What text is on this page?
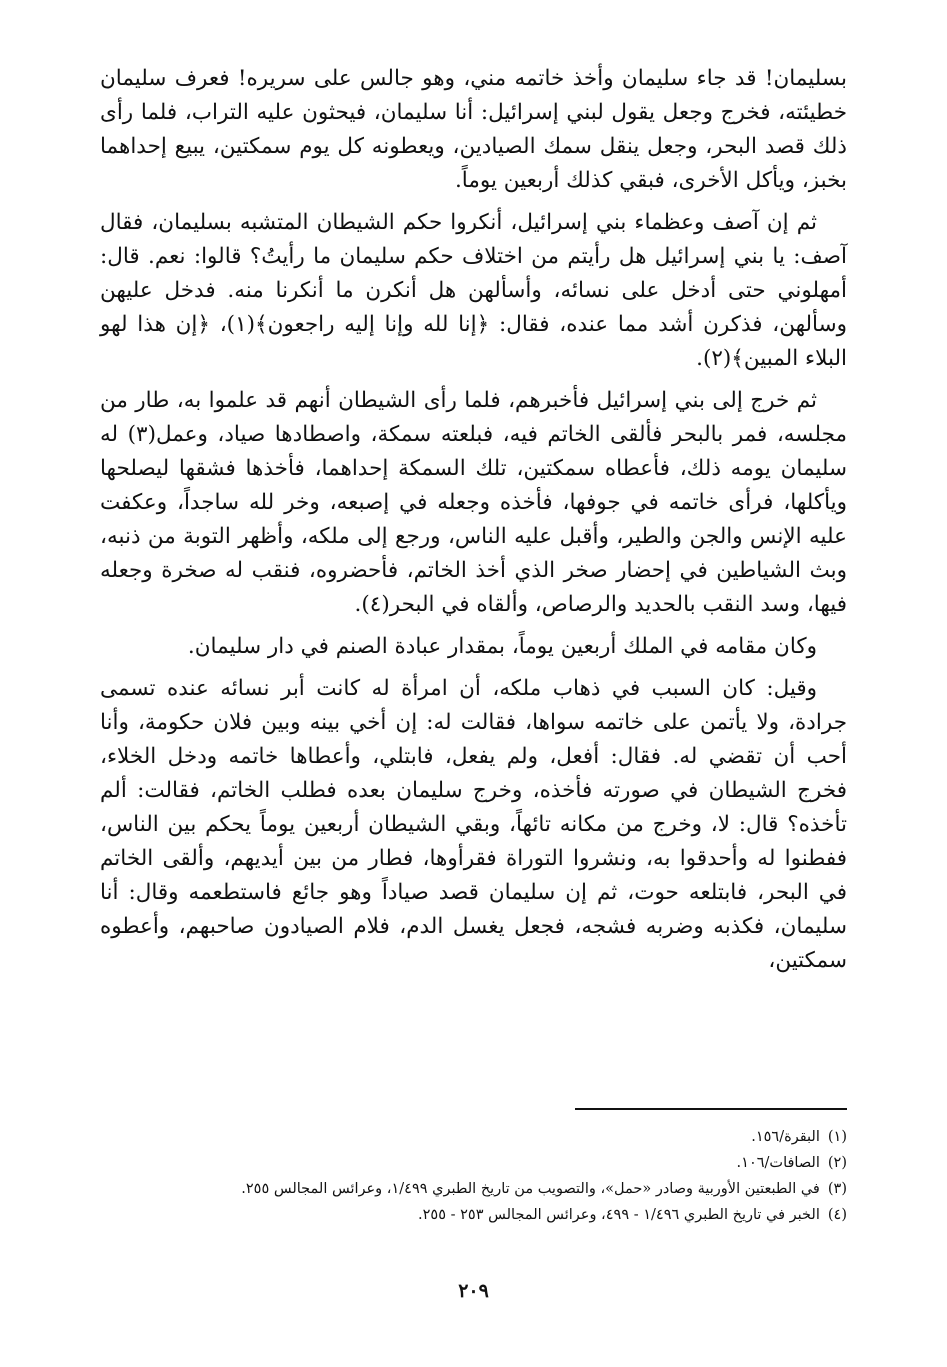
بسليمان! قد جاء سليمان وأخذ خاتمه مني، وهو جالس على سريره! فعرف سليمان خطيئته، فخرج وجعل يقول لبني إسرائيل: أنا سليمان، فيحثون عليه التراب، فلما رأى ذلك قصد البحر، وجعل ينقل سمك الصيادين، ويعطونه كل يوم سمكتين، يبيع إحداهما بخبز، ويأكل الأخرى، فبقي كذلك أربعين يوماً.

ثم إن آصف وعظماء بني إسرائيل، أنكروا حكم الشيطان المتشبه بسليمان، فقال آصف: يا بني إسرائيل هل رأيتم من اختلاف حكم سليمان ما رأيتُ؟ قالوا: نعم. قال: أمهلوني حتى أدخل على نسائه، وأسألهن هل أنكرن ما أنكرنا منه. فدخل عليهن وسألهن، فذكرن أشد مما عنده، فقال: ﴿إنا لله وإنا إليه راجعون﴾(١)، ﴿إن هذا لهو البلاء المبين﴾(٢).

ثم خرج إلى بني إسرائيل فأخبرهم، فلما رأى الشيطان أنهم قد علموا به، طار من مجلسه، فمر بالبحر فألقى الخاتم فيه، فبلعته سمكة، واصطادها صياد، وعمل(٣) له سليمان يومه ذلك، فأعطاه سمكتين، تلك السمكة إحداهما، فأخذها فشقها ليصلحها ويأكلها، فرأى خاتمه في جوفها، فأخذه وجعله في إصبعه، وخر لله ساجداً، وعكفت عليه الإنس والجن والطير، وأقبل عليه الناس، ورجع إلى ملكه، وأظهر التوبة من ذنبه، وبث الشياطين في إحضار صخر الذي أخذ الخاتم، فأحضروه، فنقب له صخرة وجعله فيها، وسد النقب بالحديد والرصاص، وألقاه في البحر(٤).

وكان مقامه في الملك أربعين يوماً، بمقدار عبادة الصنم في دار سليمان.

وقيل: كان السبب في ذهاب ملكه، أن امرأة له كانت أبر نسائه عنده تسمى جرادة، ولا يأتمن على خاتمه سواها، فقالت له: إن أخي بينه وبين فلان حكومة، وأنا أحب أن تقضي له. فقال: أفعل، ولم يفعل، فابتلي، وأعطاها خاتمه ودخل الخلاء، فخرج الشيطان في صورته فأخذه، وخرج سليمان بعده فطلب الخاتم، فقالت: ألم تأخذه؟ قال: لا، وخرج من مكانه تائهاً، وبقي الشيطان أربعين يوماً يحكم بين الناس، ففطنوا له وأحدقوا به، ونشروا التوراة فقرأوها، فطار من بين أيديهم، وألقى الخاتم في البحر، فابتلعه حوت، ثم إن سليمان قصد صياداً وهو جائع فاستطعمه وقال: أنا سليمان، فكذبه وضربه فشجه، فجعل يغسل الدم، فلام الصيادون صاحبهم، وأعطوه سمكتين،

(١)البقرة/١٥٦.
(٢)الصافات/١٠٦.
(٣)في الطبعتين الأوربية وصادر «حمل»، والتصويب من تاريخ الطبري ١/٤٩٩، وعرائس المجالس ٢٥٥.
(٤)الخبر في تاريخ الطبري ١/٤٩٦ - ٤٩٩، وعرائس المجالس ٢٥٣ - ٢٥٥.
٢٠٩
